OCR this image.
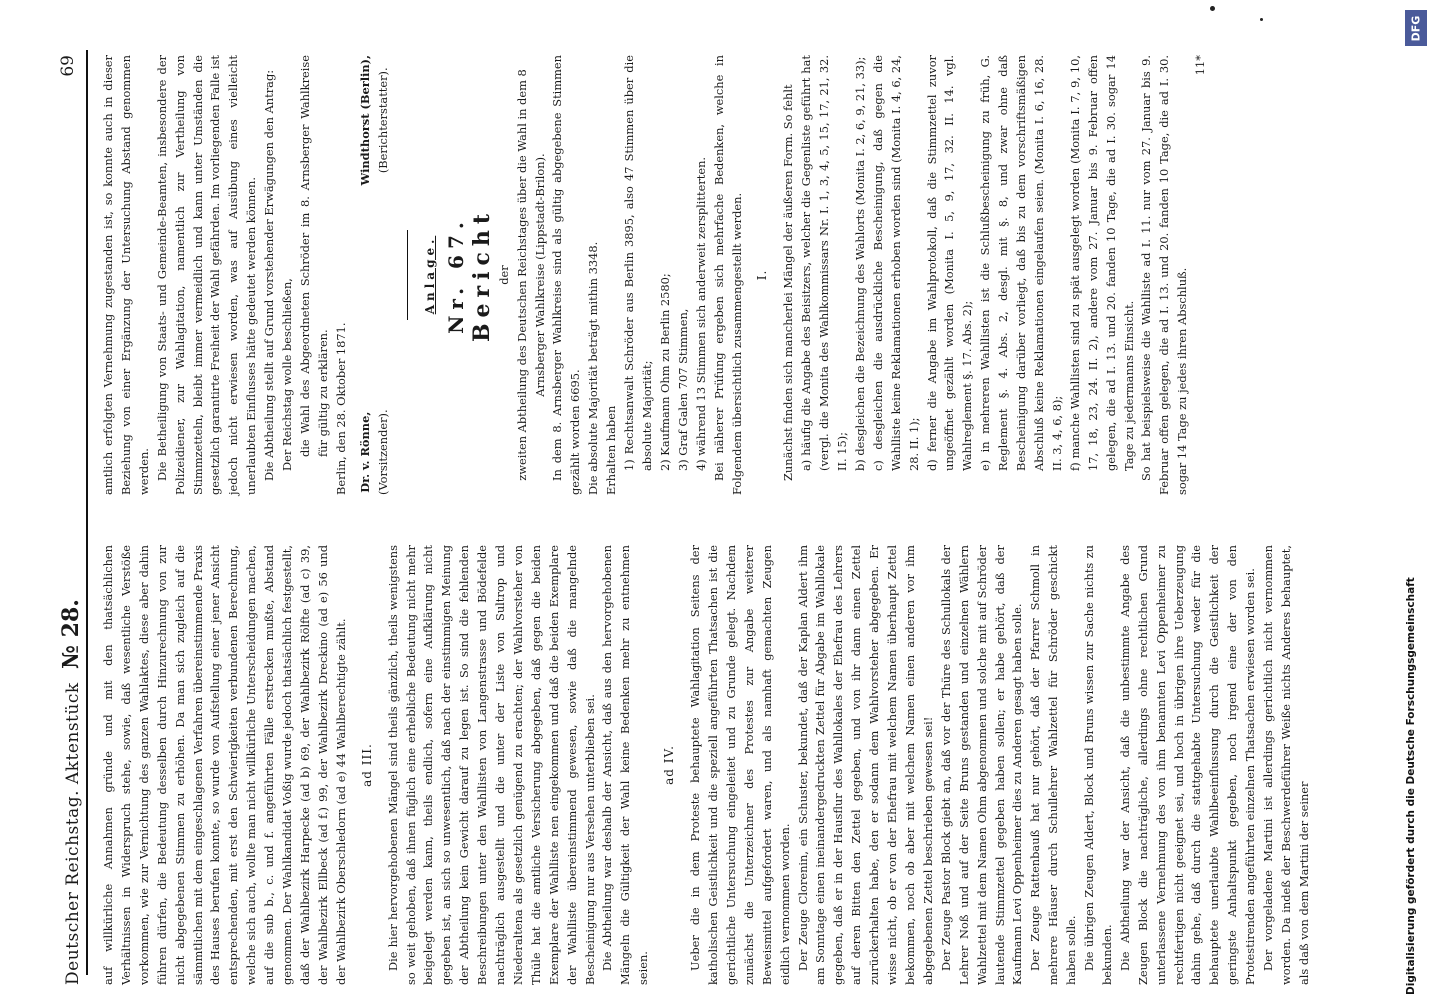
Deutscher Reichstag. Aktenstück № 28.
69

auf willkürliche Annahmen gründe und mit den thatsächlichen Verhältnissen in Widerspruch stehe, sowie, daß wesentliche Verstöße vorkommen, wie zur Vernichtung des ganzen Wahlaktes, diese aber dahin führen dürfen, die Bedeutung desselben durch Hinzurechnung von zur nicht abgegebenen Stimmen zu erhöhen. Da man sich zugleich auf die sämmtlichen mit dem eingeschlagenen Verfahren übereinstimmende Praxis des Hauses berufen konnte, so wurde von Aufstellung einer jener Ansicht entsprechenden, mit erst den Schwierigkeiten verbundenen Berechnung, welche sich auch, wollte man nicht willkürliche Unterscheidungen machen, auf die sub b., c. und f. angeführten Fälle erstrecken mußte, Abstand genommen. Der Wahlkandidat Voßig wurde jedoch thatsächlich festgestellt, daß der Wahlbezirk Harpecke (ad b) 69, der Wahlbezirk Rölfte (ad c) 39, der Wahlbezirk Ellbeck (ad f.) 99, der Wahlbezirk Dreckino (ad e) 56 und der Wahlbezirk Oberschledorn (ad e) 44 Wahlberechtigte zählt. ad III. Die hier hervorgehobenen Mängel sind theils gänzlich, theils wenigstens so weit gehoben, daß ihnen füglich eine erhebliche Bedeutung nicht mehr beigelegt werden kann, theils endlich, sofern eine Aufklärung nicht gegeben ist, an sich so unwesentlich, daß nach der einstimmigen Meinung der Abtheilung kein Gewicht darauf zu legen ist. So sind die fehlenden Beschreibungen unter den Wahllisten von Langenstrasse und Bödefelde nachträglich ausgestellt und die unter der Liste von Sultrop und Niederaltena als gesetzlich genügend zu erachten; der Wahlvorsteher von Thüle hat die amtliche Versicherung abgegeben, daß gegen die beiden Exemplare der Wahlliste nen eingekommen und daß die beiden Exemplare der Wahlliste übereinstimmend gewesen, sowie daß die mangelnde Bescheinigung nur aus Versehen unterblieben sei. Die Abtheilung war deshalb der Ansicht, daß aus den hervorgehobenen Mängeln die Gültigkeit der Wahl keine Bedenken mehr zu entnehmen seien.

ad IV. Ueber die in dem Proteste behauptete Wahlagitation Seitens der katholischen Geistlichkeit und die speziell angeführten Thatsachen ist die gerichtliche Untersuchung eingeleitet und zu Grunde gelegt. Nachdem zunächst die Unterzeichner des Protestes zur Angabe weiterer Beweismittel aufgefordert waren, und als namhaft gemachten Zeugen eidlich vernommen worden. Der Zeuge Clorenin, ein Schuster, bekundet, daß der Kaplan Aldert ihm am Sonntage einen ineinandergedruckten Zettel für Abgabe im Wahllokale gegeben, daß er in der Hausflur des Wahllokales der Ehefrau des Lehrers auf deren Bitten den Zettel gegeben, und von ihr dann einen Zettel zurückerhalten habe, den er sodann dem Wahlvorsteher abgegeben. Er wisse nicht, ob er von der Ehefrau mit welchem Namen überhaupt Zettel bekommen, noch ob aber mit welchem Namen einen anderen vor ihm abgegebenen Zettel beschrieben gewesen sei! Der Zeuge Pastor Block giebt an, daß vor der Thüre des Schullokals der Lehrer Noß und auf der Seite Bruns gestanden und einzelnen Wählern Wahlzettel mit dem Namen Ohm abgenommen und solche mit auf Schröder lautende Stimmzettel gegeben haben sollen; er habe gehört, daß der Kaufmann Levi Oppenheimer dies zu Anderen gesagt haben solle. Der Zeuge Rattenbauß hat nur gehört, daß der Pfarrer Schmoll in mehrere Häuser durch Schullehrer Wahlzettel für Schröder geschickt haben solle. Die übrigen Zeugen Aldert, Block und Bruns wissen zur Sache nichts zu bekunden. Die Abtheilung war der Ansicht, daß die unbestimmte Angabe des Zeugen Block die nachträgliche, allerdings ohne rechtlichen Grund unterlassene Vernehmung des von ihm benannten Levi Oppenheimer zu rechtfertigen nicht geeignet sei, und hoch in übrigen ihre Ueberzeugung dahin gehe, daß durch die stattgehabte Untersuchung weder für die behauptete unerlaubte Wahlbeeinflussung durch die Geistlichkeit der geringste Anhaltspunkt gegeben, noch irgend eine der von den Protestirenden angeführten einzelnen Thatsachen erwiesen worden sei. Der vorgeladene Martini ist allerdings gerichtlich nicht vernommen worden. Da indeß der Beschwerdeführer Weiße nichts Anderes behauptet, als daß von dem Martini der seiner

amtlich erfolgten Vernehmung zugestanden ist, so konnte auch in dieser Beziehung von einer Ergänzung der Untersuchung Abstand genommen werden. Die Betheiligung von Staats- und Gemeinde-Beamten, insbesondere der Polizeidiener, zur Wahlagitation, namentlich zur Vertheilung von Stimmzetteln, bleibt immer vermeidlich und kann unter Umständen die gesetzlich garantirte Freiheit der Wahl gefährden. Im vorliegenden Falle ist jedoch nicht erwiesen worden, was auf Ausübung eines vielleicht unerlaubten Einflusses hätte gedeutet werden können. Die Abtheilung stellt auf Grund vorstehender Erwägungen den Antrag: Der Reichstag wolle beschließen, die Wahl des Abgeordneten Schröder im 8. Arnsberger Wahlkreise für gültig zu erklären. Berlin, den 28. Oktober 1871. Dr. v. Rönne, (Vorsitzender).
Windthorst (Berlin), (Berichterstatter).

Anlage. Nr. 67. Bericht der zweiten Abtheilung des Deutschen Reichstages über die Wahl in dem 8 Arnsberger Wahlkreise (Lippstadt-Brilon). In dem 8. Arnsberger Wahlkreise sind als gültig abgegebene Stimmen gezählt worden 6695. Die absolute Majorität beträgt mithin 3348. Erhalten haben 1) Rechtsanwalt Schröder aus Berlin 3895, also 47 Stimmen über die absolute Majorität; 2) Kaufmann Ohm zu Berlin 2580; 3) Graf Galen 707 Stimmen, 4) während 13 Stimmen sich anderweit zersplitterten. Bei näherer Prüfung ergeben sich mehrfache Bedenken, welche in Folgendem übersichtlich zusammengestellt werden. I. Zunächst finden sich mancherlei Mängel der äußeren Form. So fehlt a) häufig die Angabe des Beisitzers, welcher die Gegenliste geführt hat (vergl. die Monita des Wahlkommissars Nr. I. 1, 3, 4, 5, 15, 17, 21, 32. II. 15); b) desgleichen die Bezeichnung des Wahlorts (Monita I. 2, 6, 9, 21, 33); c) desgleichen die ausdrückliche Bescheinigung, daß gegen die Wahlliste keine Reklamationen erhoben worden sind (Monita I. 4, 6, 24, 28. II. 1); d) ferner die Angabe im Wahlprotokoll, daß die Stimmzettel zuvor ungeöffnet gezählt worden (Monita I. 5, 9, 17, 32. II. 14. vgl. Wahlreglement §. 17. Abs. 2); e) in mehreren Wahllisten ist die Schlußbescheinigung zu früh, G. Reglement §. 4. Abs. 2, desgl. mit §. 8, und zwar ohne daß Bescheinigung darüber vorliegt, daß bis zu dem vorschriftsmäßigen Abschluß keine Reklamationen eingelaufen seien. (Monita I. 6, 16, 28. II. 3, 4, 6, 8); f) manche Wahllisten sind zu spät ausgelegt worden (Monita I. 7, 9, 10, 17, 18, 23, 24. II. 2), andere vom 27. Januar bis 9. Februar offen gelegen, die ad I. 13. und 20. fanden 10 Tage, die ad I. 30. sogar 14 Tage zu jedermanns Einsicht. So hat beispielsweise die Wahlliste ad I. 11. nur vom 27. Januar bis 9. Februar offen gelegen, die ad I. 13. und 20. fanden 10 Tage, die ad I. 30. sogar 14 Tage zu jedes ihren Abschluß.

11*

Digitalisierung gefördert durch die Deutsche Forschungsgemeinschaft
DFG
